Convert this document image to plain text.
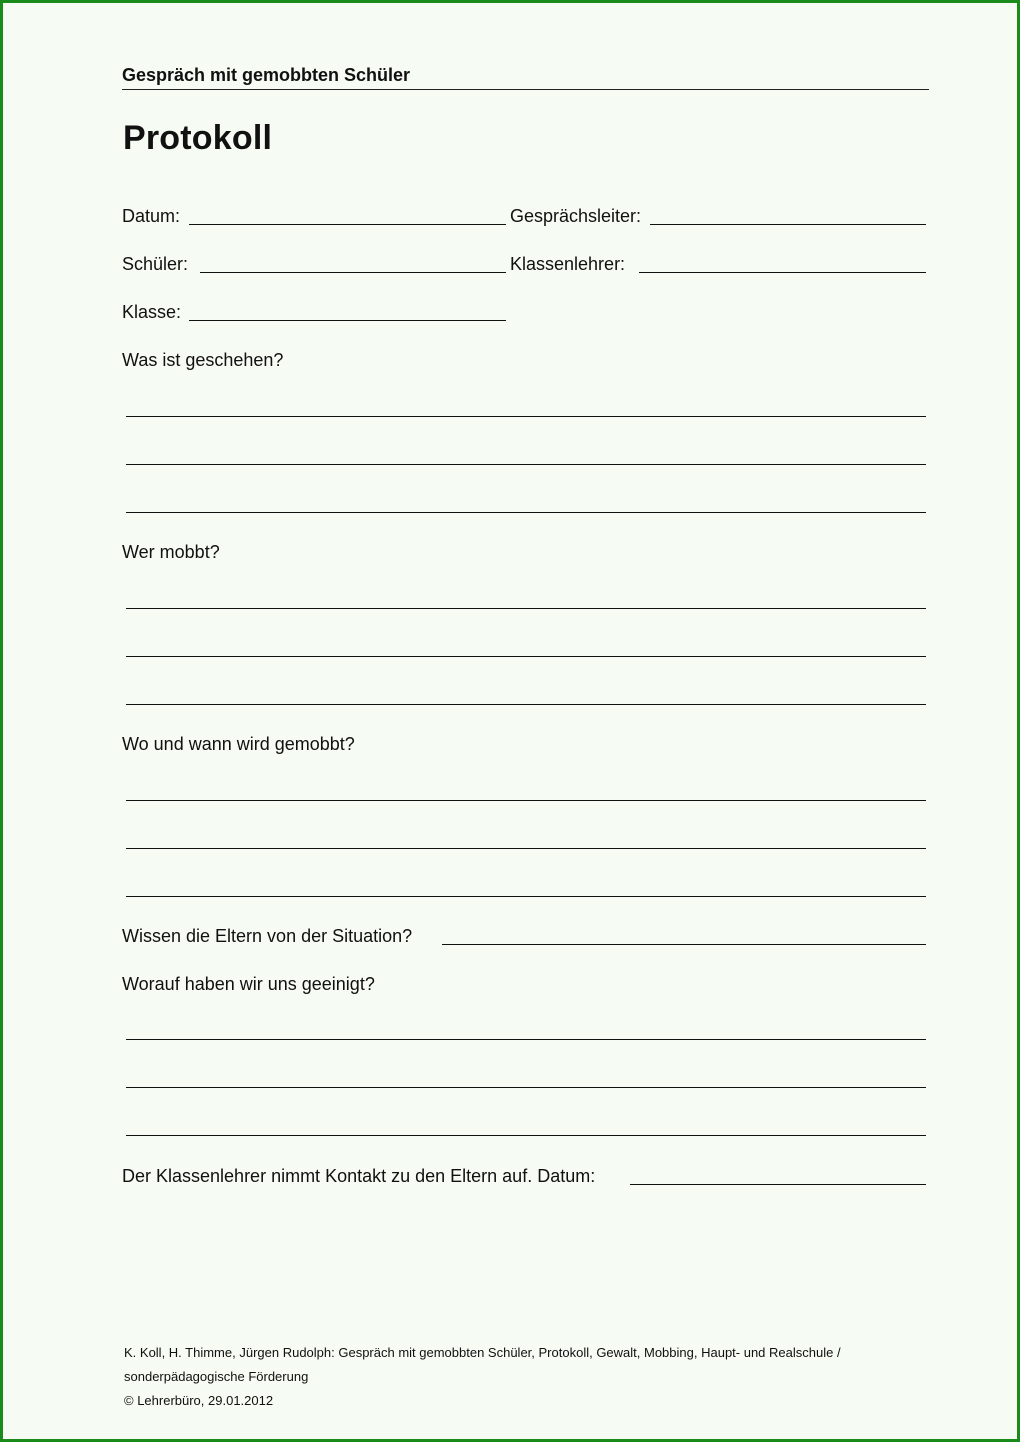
Gespräch mit gemobbten Schüler
Protokoll
Datum:	Gesprächsleiter:
Schüler:	Klassenlehrer:
Klasse:
Was ist geschehen?
Wer mobbt?
Wo und wann wird gemobbt?
Wissen die Eltern von der Situation?
Worauf haben wir uns geeinigt?
Der Klassenlehrer nimmt Kontakt zu den Eltern auf. Datum:
K. Koll, H. Thimme, Jürgen Rudolph: Gespräch mit gemobbten Schüler, Protokoll, Gewalt, Mobbing, Haupt- und Realschule /
sonderpädagogische Förderung
© Lehrerbüro, 29.01.2012
